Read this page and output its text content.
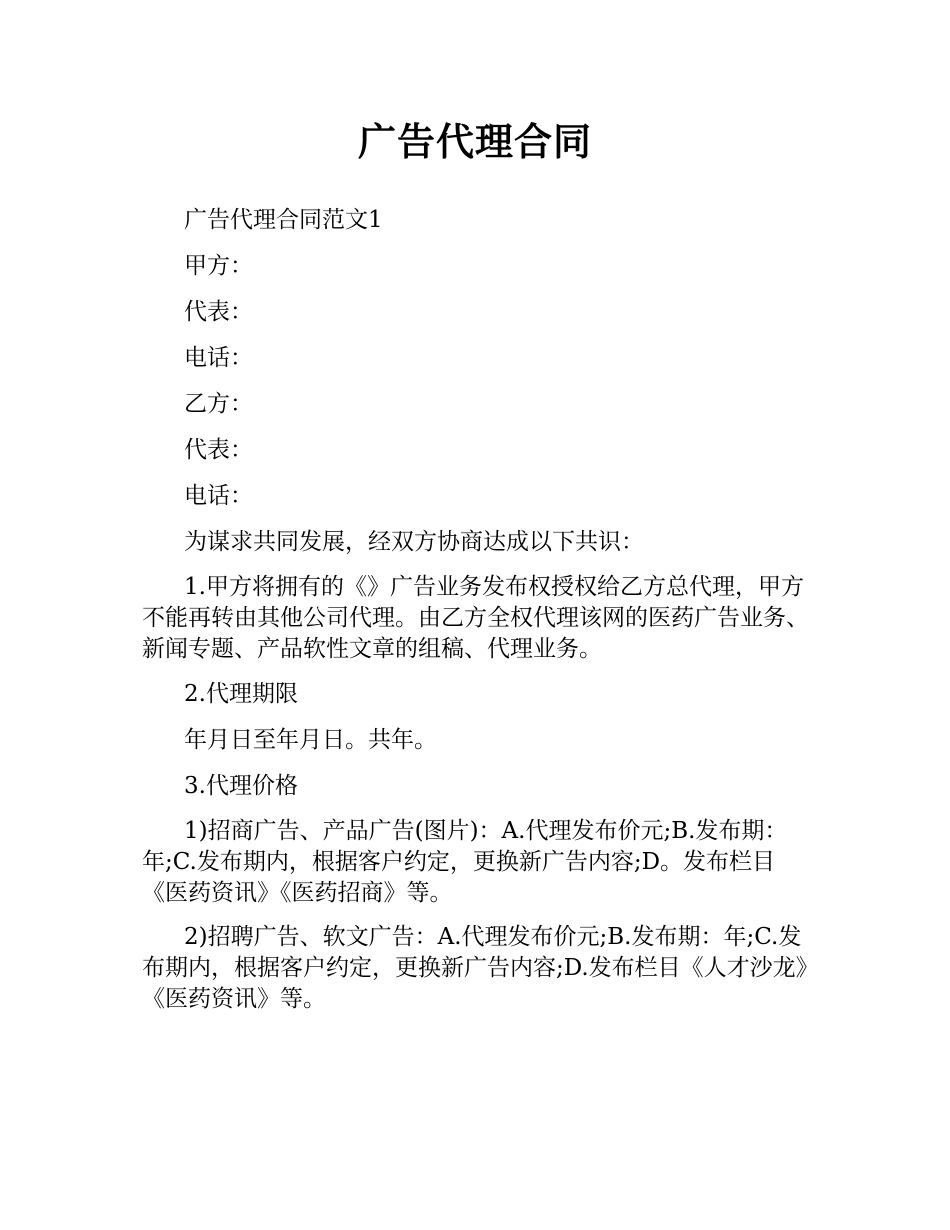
广告代理合同

广告代理合同范文1

甲方：

代表：

电话：

乙方：

代表：

电话：

为谋求共同发展，经双方协商达成以下共识：

1.甲方将拥有的《》广告业务发布权授权给乙方总代理，甲方不能再转由其他公司代理。由乙方全权代理该网的医药广告业务、新闻专题、产品软性文章的组稿、代理业务。

2.代理期限

年月日至年月日。共年。

3.代理价格

1)招商广告、产品广告(图片)：A.代理发布价元;B.发布期：年;C.发布期内，根据客户约定，更换新广告内容;D。发布栏目《医药资讯》《医药招商》等。

2)招聘广告、软文广告：A.代理发布价元;B.发布期：年;C.发布期内，根据客户约定，更换新广告内容;D.发布栏目《人才沙龙》《医药资讯》等。
